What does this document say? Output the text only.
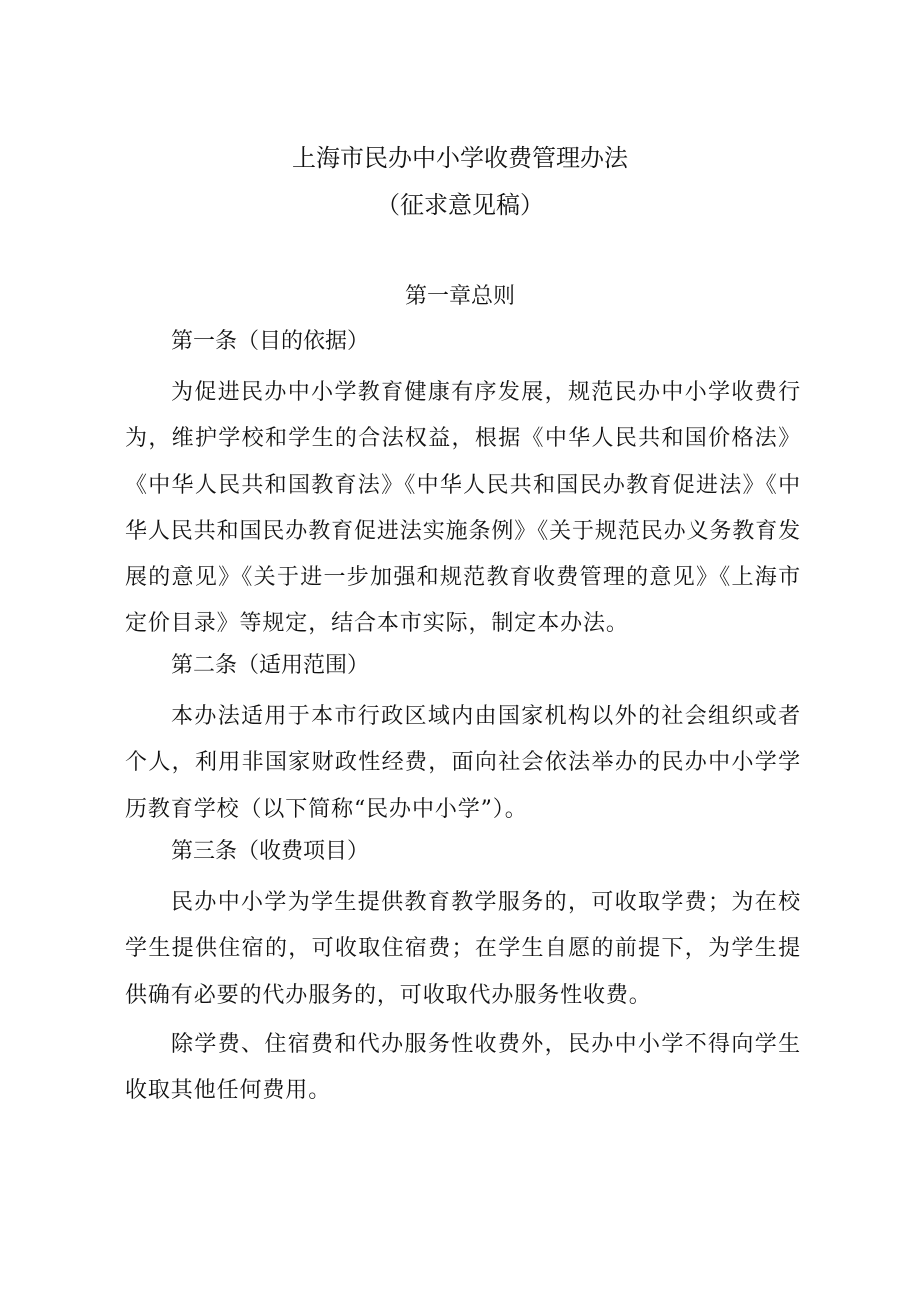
上海市民办中小学收费管理办法
（征求意见稿）
第一章总则
第一条（目的依据）

为促进民办中小学教育健康有序发展，规范民办中小学收费行为，维护学校和学生的合法权益，根据《中华人民共和国价格法》《中华人民共和国教育法》《中华人民共和国民办教育促进法》《中华人民共和国民办教育促进法实施条例》《关于规范民办义务教育发展的意见》《关于进一步加强和规范教育收费管理的意见》《上海市定价目录》等规定，结合本市实际，制定本办法。

第二条（适用范围）

本办法适用于本市行政区域内由国家机构以外的社会组织或者个人，利用非国家财政性经费，面向社会依法举办的民办中小学学历教育学校（以下简称“民办中小学”）。

第三条（收费项目）

民办中小学为学生提供教育教学服务的，可收取学费；为在校学生提供住宿的，可收取住宿费；在学生自愿的前提下，为学生提供确有必要的代办服务的，可收取代办服务性收费。

除学费、住宿费和代办服务性收费外，民办中小学不得向学生收取其他任何费用。
